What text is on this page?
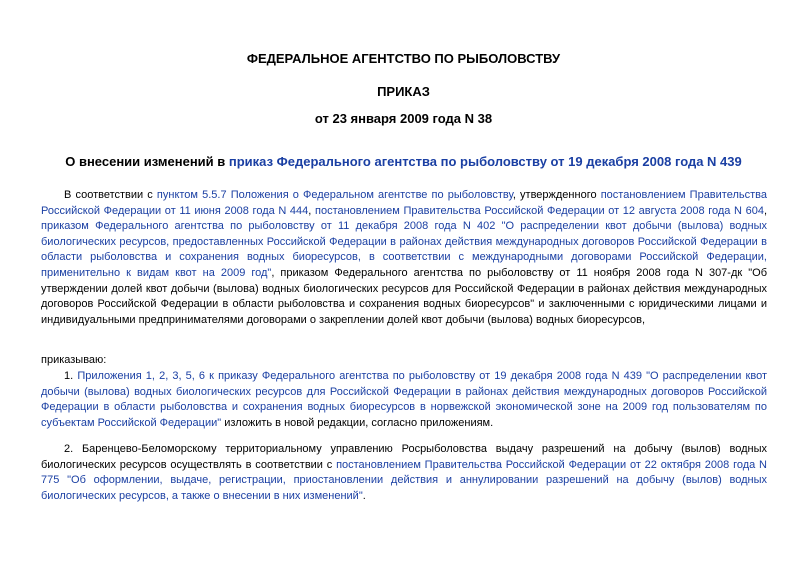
ФЕДЕРАЛЬНОЕ АГЕНТСТВО ПО РЫБОЛОВСТВУ
ПРИКАЗ
от 23 января 2009 года N 38
О внесении изменений в приказ Федерального агентства по рыболовству от 19 декабря 2008 года N 439

В соответствии с пунктом 5.5.7 Положения о Федеральном агентстве по рыболовству, утвержденного постановлением Правительства Российской Федерации от 11 июня 2008 года N 444, постановлением Правительства Российской Федерации от 12 августа 2008 года N 604, приказом Федерального агентства по рыболовству от 11 декабря 2008 года N 402 "О распределении квот добычи (вылова) водных биологических ресурсов, предоставленных Российской Федерации в районах действия международных договоров Российской Федерации в области рыболовства и сохранения водных биоресурсов, в соответствии с международными договорами Российской Федерации, применительно к видам квот на 2009 год", приказом Федерального агентства по рыболовству от 11 ноября 2008 года N 307-дк "Об утверждении долей квот добычи (вылова) водных биологических ресурсов для Российской Федерации в районах действия международных договоров Российской Федерации в области рыболовства и сохранения водных биоресурсов" и заключенными с юридическими лицами и индивидуальными предпринимателями договорами о закреплении долей квот добычи (вылова) водных биоресурсов,

приказываю:

1. Приложения 1, 2, 3, 5, 6 к приказу Федерального агентства по рыболовству от 19 декабря 2008 года N 439 "О распределении квот добычи (вылова) водных биологических ресурсов для Российской Федерации в районах действия международных договоров Российской Федерации в области рыболовства и сохранения водных биоресурсов в норвежской экономической зоне на 2009 год пользователям по субъектам Российской Федерации" изложить в новой редакции, согласно приложениям.

2. Баренцево-Беломорскому территориальному управлению Росрыболовства выдачу разрешений на добычу (вылов) водных биологических ресурсов осуществлять в соответствии с постановлением Правительства Российской Федерации от 22 октября 2008 года N 775 "Об оформлении, выдаче, регистрации, приостановлении действия и аннулировании разрешений на добычу (вылов) водных биологических ресурсов, а также о внесении в них изменений".
